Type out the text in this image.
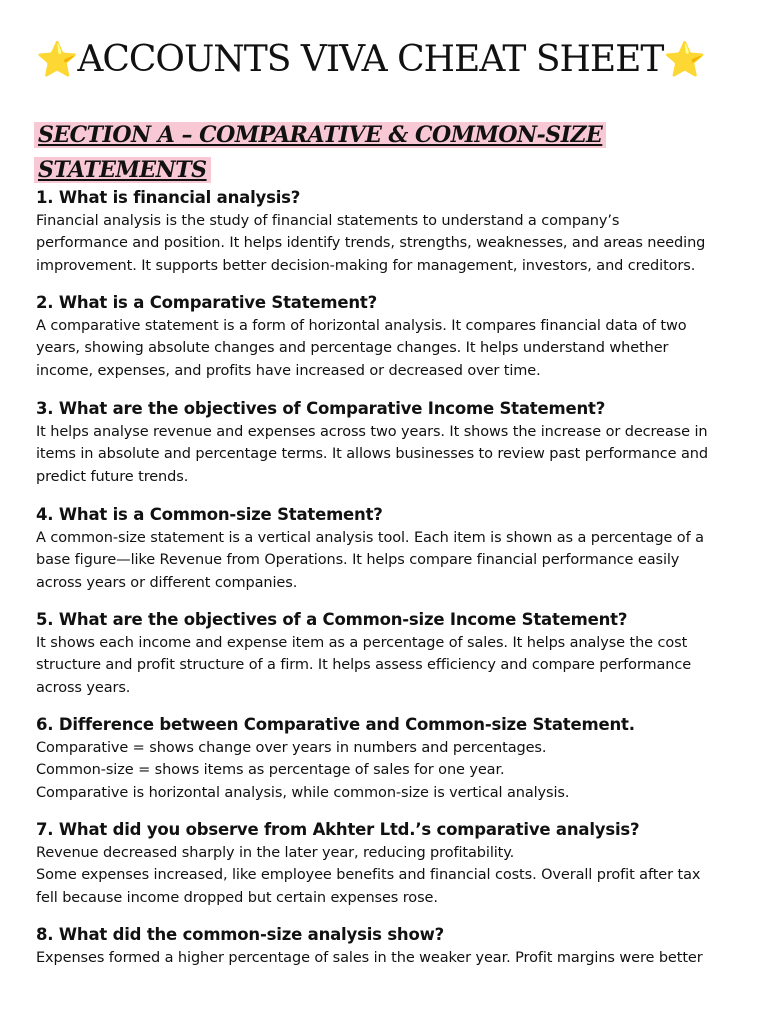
⭐ACCOUNTS VIVA CHEAT SHEET⭐
SECTION A – COMPARATIVE & COMMON-SIZE
STATEMENTS

1. What is financial analysis?

Financial analysis is the study of financial statements to understand a company’s
performance and position. It helps identify trends, strengths, weaknesses, and areas needing
improvement. It supports better decision-making for management, investors, and creditors.

2. What is a Comparative Statement?

A comparative statement is a form of horizontal analysis. It compares financial data of two
years, showing absolute changes and percentage changes. It helps understand whether
income, expenses, and profits have increased or decreased over time.

3. What are the objectives of Comparative Income Statement?

It helps analyse revenue and expenses across two years. It shows the increase or decrease in
items in absolute and percentage terms. It allows businesses to review past performance and
predict future trends.

4. What is a Common-size Statement?

A common-size statement is a vertical analysis tool. Each item is shown as a percentage of a
base figure—like Revenue from Operations. It helps compare financial performance easily
across years or different companies.

5. What are the objectives of a Common-size Income Statement?

It shows each income and expense item as a percentage of sales. It helps analyse the cost
structure and profit structure of a firm. It helps assess efficiency and compare performance
across years.

6. Difference between Comparative and Common-size Statement.

Comparative = shows change over years in numbers and percentages.
Common-size = shows items as percentage of sales for one year.
Comparative is horizontal analysis, while common-size is vertical analysis.

7. What did you observe from Akhter Ltd.’s comparative analysis?

Revenue decreased sharply in the later year, reducing profitability.
Some expenses increased, like employee benefits and financial costs. Overall profit after tax
fell because income dropped but certain expenses rose.

8. What did the common-size analysis show?

Expenses formed a higher percentage of sales in the weaker year. Profit margins were better
